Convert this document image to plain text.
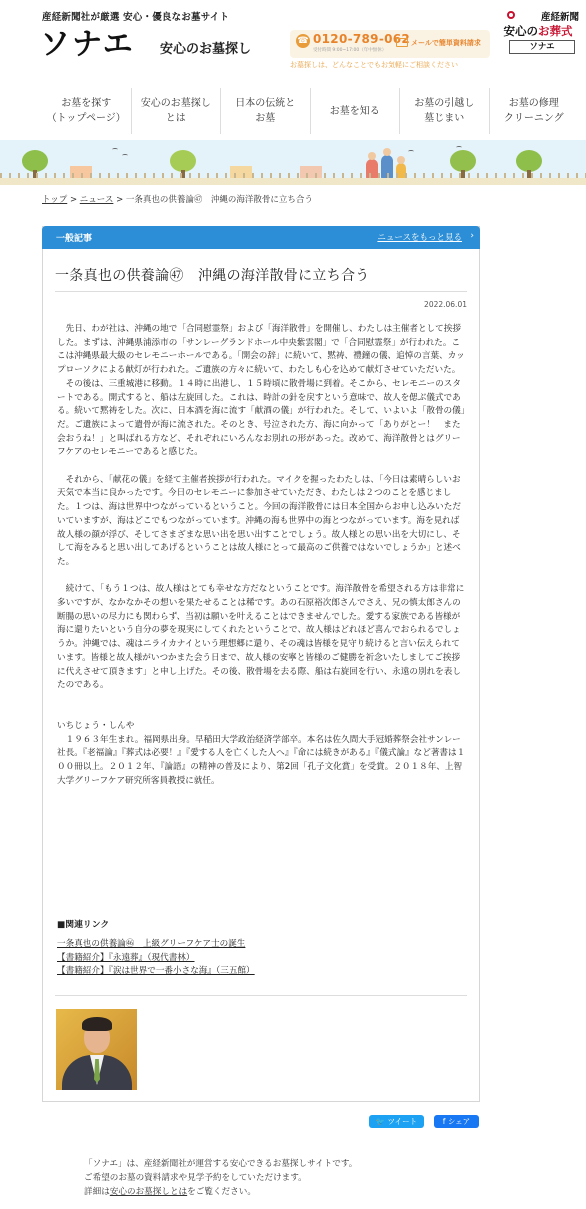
産経新聞社が厳選 安心・優良なお墓サイト
ソナエ 安心のお墓探し
☎ 0120-789-062
受付時間 9:00~17:00（年中無休）
メールで簡単資料請求
お墓探しは、どんなことでもお気軽にご相談ください
産経新聞
安心のお葬式
ソナエ
お墓を探す
（トップページ）
安心のお墓探し
とは
日本の伝統と
お墓
お墓を知る
お墓の引越し
墓じまい
お墓の修理
クリーニング
トップ > ニュース > 一条真也の供養論㊼　沖縄の海洋散骨に立ち合う
一般記事	ニュースをもっと見る ›
一条真也の供養論㊼　沖縄の海洋散骨に立ち合う
2022.06.01

先日、わが社は、沖縄の地で「合同慰霊祭」および「海洋散骨」を開催し、わたしは主催者として挨拶した。まずは、沖縄県浦添市の「サンレーグランドホール中央紫雲閣」で「合同慰霊祭」が行われた。ここは沖縄県最大級のセレモニーホールである。「開会の辞」に続いて、黙祷、禮鐘の儀、追悼の言葉、カップローソクによる献灯が行われた。ご遺族の方々に続いて、わたしも心を込めて献灯させていただいた。

その後は、三重城港に移動。１４時に出港し、１５時頃に散骨場に到着。そこから、セレモニーのスタートである。開式すると、船は左旋回した。これは、時計の針を戻すという意味で、故人を偲ぶ儀式である。続いて黙祷をした。次に、日本酒を海に流す「献酒の儀」が行われた。そして、いよいよ「散骨の儀」だ。ご遺族によって遺骨が海に流された。そのとき、号泣された方、海に向かって「ありがとー！　また会おうね！」と叫ばれる方など、それぞれにいろんなお別れの形があった。改めて、海洋散骨とはグリーフケアのセレモニーであると感じた。

それから、「献花の儀」を経て主催者挨拶が行われた。マイクを握ったわたしは、「今日は素晴らしいお天気で本当に良かったです。今日のセレモニーに参加させていただき、わたしは２つのことを感じました。１つは、海は世界中つながっているということ。今回の海洋散骨には日本全国からお申し込みいただいていますが、海はどこでもつながっています。沖縄の海も世界中の海とつながっています。海を見れば故人様の顔が浮び、そしてさまざまな思い出を思い出すことでしょう。故人様との思い出を大切にし、そして海をみると思い出してあげるということは故人様にとって最高のご供養ではないでしょうか」と述べた。

続けて、「もう１つは、故人様はとても幸せな方だなということです。海洋散骨を希望される方は非常に多いですが、なかなかその想いを果たせることは稀です。あの石原裕次郎さんでさえ、兄の慎太郎さんの断腸の思いの尽力にも関わらず、当初は願いを叶えることはできませんでした。愛する家族である皆様が海に還りたいという自分の夢を現実にしてくれたということで、故人様はどれほど喜んでおられるでしょうか。沖縄では、魂はニライカナイという理想郷に還り、その魂は皆様を見守り続けると言い伝えられています。皆様と故人様がいつかまた会う日まで、故人様の安寧と皆様のご健勝を祈念いたしましてご挨拶に代えさせて頂きます」と申し上げた。その後、散骨場を去る際、船は右旋回を行い、永遠の別れを表したのである。

いちじょう・しんや

１９６３年生まれ。福岡県出身。早稲田大学政治経済学部卒。本名は佐久間大手冠婚葬祭会社サンレー社長。『老福論』『葬式は必要！』『愛する人を亡くした人へ』『命には続きがある』『儀式論』など著書は１００冊以上。２０１２年、『論語』の精神の普及により、第2回「孔子文化賞」を受賞。２０１８年、上智大学グリーフケア研究所客員教授に就任。

■関連リンク
一条真也の供養論㊻　上級グリーフケア士の誕生
【書籍紹介】『永遠葬』（現代書林）
【書籍紹介】『涙は世界で一番小さな海』（三五館）
🐦 ツイート	f シェア
「ソナエ」は、産経新聞社が運営する安心できるお墓探しサイトです。
ご希望のお墓の資料請求や見学予約をしていただけます。
詳細は安心のお墓探しとはをご覧ください。
